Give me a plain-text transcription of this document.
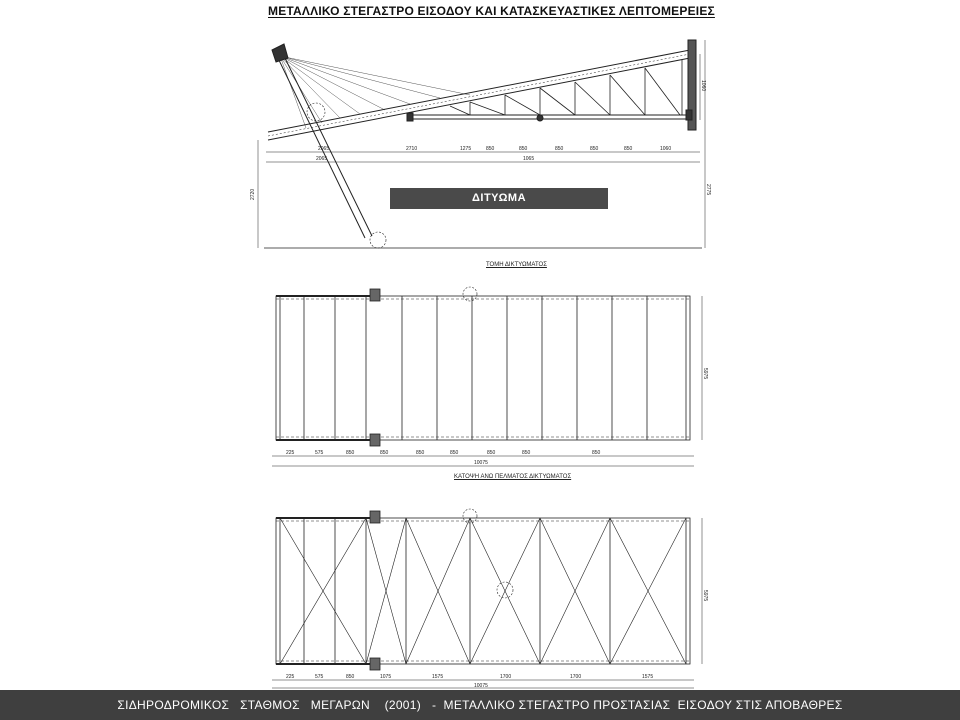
ΜΕΤΑΛΛΙΚΟ ΣΤΕΓΑΣΤΡΟ ΕΙΣΟΔΟΥ ΚΑΙ ΚΑΤΑΣΚΕΥΑΣΤΙΚΕΣ ΛΕΠΤΟΜΕΡΕΙΕΣ
2065	2710	1275	850	850	850	850	850	1060
2065	1065
2720	2775
1060
225	575	850	850	850	850	850	850	850
10075
5975
225	575	850	1075	1575	1700	1700	1575
10075
5975
ΔΙΤΥΩΜΑ
ΤΟΜΗ ΔΙΚΤΥΩΜΑΤΟΣ
ΚΑΤΟΨΗ ΑΝΩ ΠΕΛΜΑΤΟΣ ΔΙΚΤΥΩΜΑΤΟΣ
ΣΙΔΗΡΟΔΡΟΜΙΚΟΣ   ΣΤΑΘΜΟΣ   ΜΕΓΑΡΩΝ    (2001)   -  ΜΕΤΑΛΛΙΚΟ ΣΤΕΓΑΣΤΡΟ ΠΡΟΣΤΑΣΙΑΣ  ΕΙΣΟΔΟΥ ΣΤΙΣ ΑΠΟΒΑΘΡΕΣ
